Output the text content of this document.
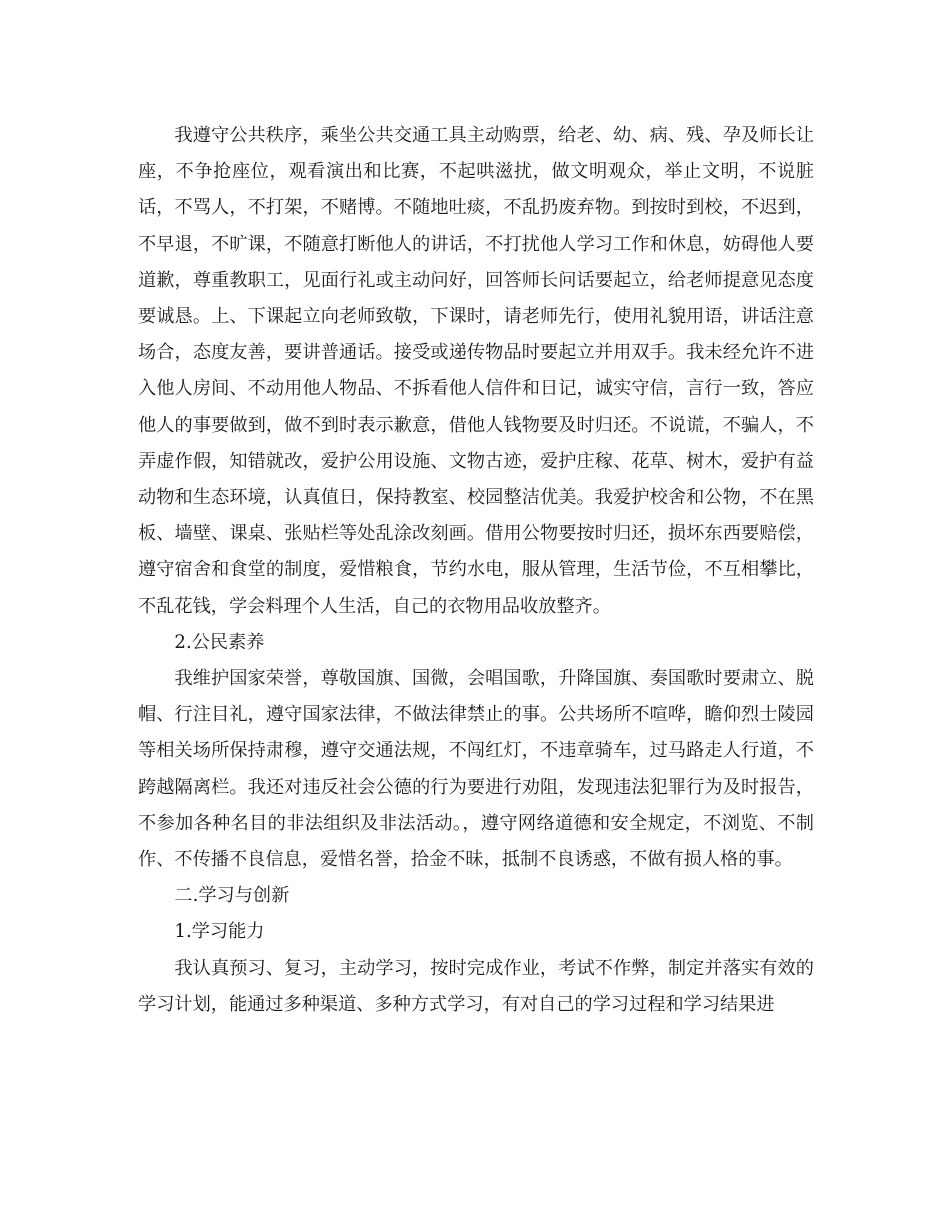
我遵守公共秩序，乘坐公共交通工具主动购票，给老、幼、病、残、孕及师长让座，不争抢座位，观看演出和比赛，不起哄滋扰，做文明观众，举止文明，不说脏话，不骂人，不打架，不赌博。不随地吐痰，不乱扔废弃物。到按时到校，不迟到，不早退，不旷课，不随意打断他人的讲话，不打扰他人学习工作和休息，妨碍他人要道歉，尊重教职工，见面行礼或主动问好，回答师长问话要起立，给老师提意见态度要诚恳。上、下课起立向老师致敬，下课时，请老师先行，使用礼貌用语，讲话注意场合，态度友善，要讲普通话。接受或递传物品时要起立并用双手。我未经允许不进入他人房间、不动用他人物品、不拆看他人信件和日记，诚实守信，言行一致，答应他人的事要做到，做不到时表示歉意，借他人钱物要及时归还。不说谎，不骗人，不弄虚作假，知错就改，爱护公用设施、文物古迹，爱护庄稼、花草、树木，爱护有益动物和生态环境，认真值日，保持教室、校园整洁优美。我爱护校舍和公物，不在黑板、墙壁、课桌、张贴栏等处乱涂改刻画。借用公物要按时归还，损坏东西要赔偿，遵守宿舍和食堂的制度，爱惜粮食，节约水电，服从管理，生活节俭，不互相攀比，不乱花钱，学会料理个人生活，自己的衣物用品收放整齐。

2.公民素养

我维护国家荣誉，尊敬国旗、国微，会唱国歌，升降国旗、奏国歌时要肃立、脱帽、行注目礼，遵守国家法律，不做法律禁止的事。公共场所不喧哗，瞻仰烈士陵园等相关场所保持肃穆，遵守交通法规，不闯红灯，不违章骑车，过马路走人行道，不跨越隔离栏。我还对违反社会公德的行为要进行劝阻，发现违法犯罪行为及时报告，不参加各种名目的非法组织及非法活动。，遵守网络道德和安全规定，不浏览、不制作、不传播不良信息，爱惜名誉，拾金不昧，抵制不良诱惑，不做有损人格的事。

二.学习与创新

1.学习能力

我认真预习、复习，主动学习，按时完成作业，考试不作弊，制定并落实有效的学习计划，能通过多种渠道、多种方式学习，有对自己的学习过程和学习结果进
